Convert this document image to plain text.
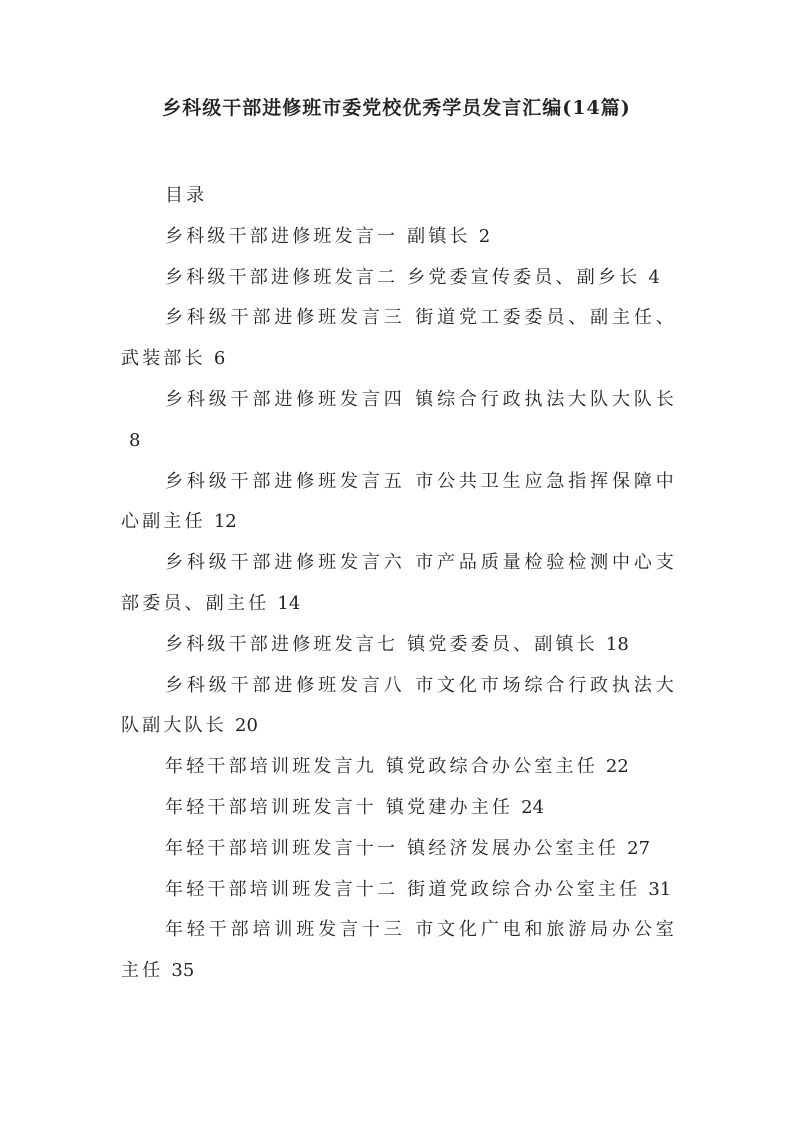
乡科级干部进修班市委党校优秀学员发言汇编(14篇)

目录

乡科级干部进修班发言一 副镇长 2

乡科级干部进修班发言二 乡党委宣传委员、副乡长 4

乡科级干部进修班发言三 街道党工委委员、副主任、武装部长 6

乡科级干部进修班发言四 镇综合行政执法大队大队长8

乡科级干部进修班发言五 市公共卫生应急指挥保障中心副主任 12

乡科级干部进修班发言六 市产品质量检验检测中心支部委员、副主任 14

乡科级干部进修班发言七 镇党委委员、副镇长 18

乡科级干部进修班发言八 市文化市场综合行政执法大队副大队长 20

年轻干部培训班发言九 镇党政综合办公室主任 22

年轻干部培训班发言十 镇党建办主任 24

年轻干部培训班发言十一 镇经济发展办公室主任 27

年轻干部培训班发言十二 街道党政综合办公室主任 31

年轻干部培训班发言十三 市文化广电和旅游局办公室主任 35
